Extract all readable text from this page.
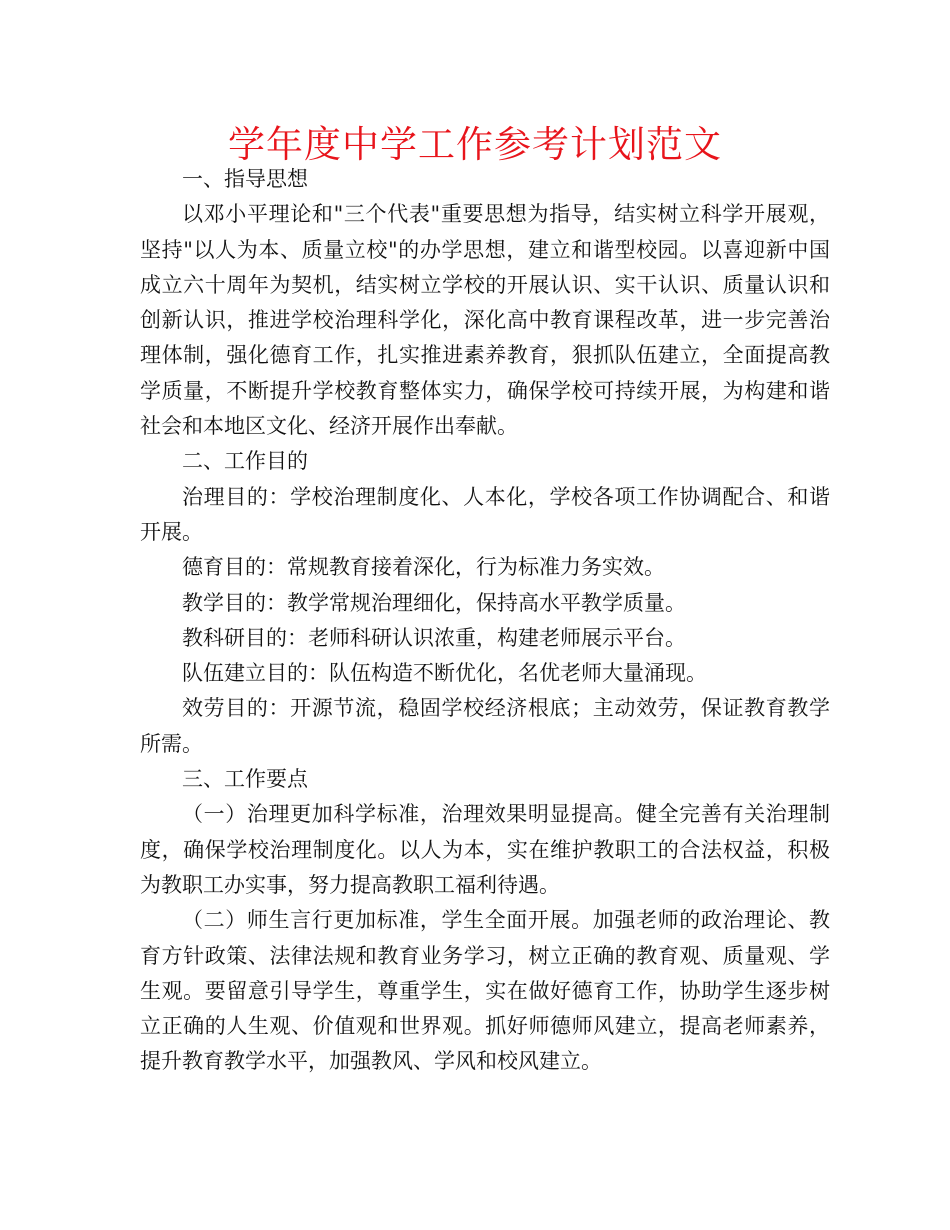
学年度中学工作参考计划范文

一、指导思想

以邓小平理论和"三个代表"重要思想为指导，结实树立科学开展观，坚持"以人为本、质量立校"的办学思想，建立和谐型校园。以喜迎新中国成立六十周年为契机，结实树立学校的开展认识、实干认识、质量认识和创新认识，推进学校治理科学化，深化高中教育课程改革，进一步完善治理体制，强化德育工作，扎实推进素养教育，狠抓队伍建立，全面提高教学质量，不断提升学校教育整体实力，确保学校可持续开展，为构建和谐社会和本地区文化、经济开展作出奉献。

二、工作目的

治理目的：学校治理制度化、人本化，学校各项工作协调配合、和谐开展。

德育目的：常规教育接着深化，行为标准力务实效。

教学目的：教学常规治理细化，保持高水平教学质量。

教科研目的：老师科研认识浓重，构建老师展示平台。

队伍建立目的：队伍构造不断优化，名优老师大量涌现。

效劳目的：开源节流，稳固学校经济根底；主动效劳，保证教育教学所需。

三、工作要点

（一）治理更加科学标准，治理效果明显提高。健全完善有关治理制度，确保学校治理制度化。以人为本，实在维护教职工的合法权益，积极为教职工办实事，努力提高教职工福利待遇。

（二）师生言行更加标准，学生全面开展。加强老师的政治理论、教育方针政策、法律法规和教育业务学习，树立正确的教育观、质量观、学生观。要留意引导学生，尊重学生，实在做好德育工作，协助学生逐步树立正确的人生观、价值观和世界观。抓好师德师风建立，提高老师素养，提升教育教学水平，加强教风、学风和校风建立。
